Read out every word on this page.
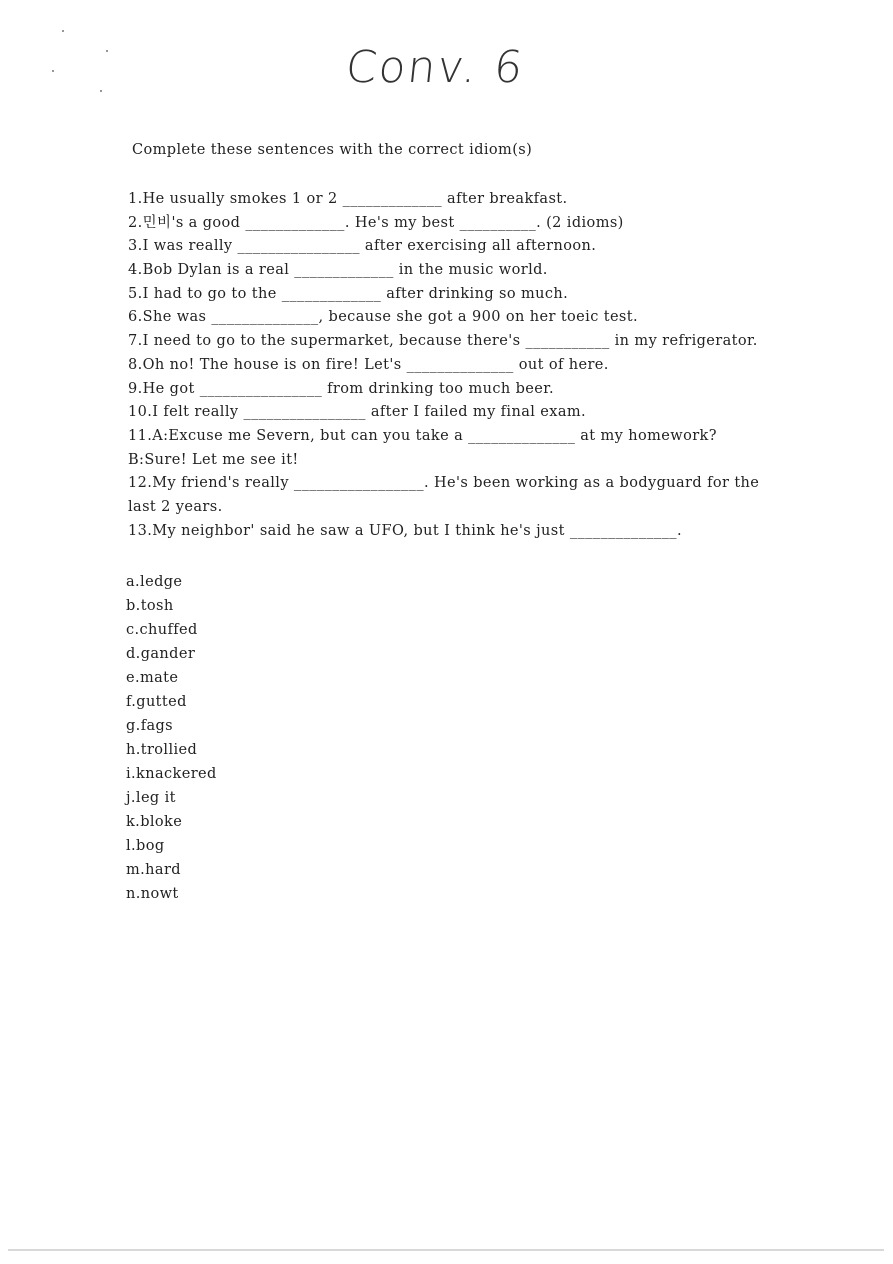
Conv. 6
Complete these sentences with the correct idiom(s)
1.He usually smokes 1 or 2 _____________ after breakfast.
2.민비's a good _____________. He's my best __________. (2 idioms)
3.I was really ________________ after exercising all afternoon.
4.Bob Dylan is a real _____________ in the music world.
5.I had to go to the _____________ after drinking so much.
6.She was ______________, because she got a 900 on her toeic test.
7.I need to go to the supermarket, because there's ___________ in my refrigerator.
8.Oh no! The house is on fire! Let's ______________ out of here.
9.He got ________________ from drinking too much beer.
10.I felt really ________________ after I failed my final exam.
11.A:Excuse me Severn, but can you take a ______________ at my homework?
B:Sure! Let me see it!
12.My friend's really _________________. He's been working as a bodyguard for the
last 2 years.
13.My neighbor' said he saw a UFO, but I think he's just ______________.
a.ledge
b.tosh
c.chuffed
d.gander
e.mate
f.gutted
g.fags
h.trollied
i.knackered
j.leg it
k.bloke
l.bog
m.hard
n.nowt
